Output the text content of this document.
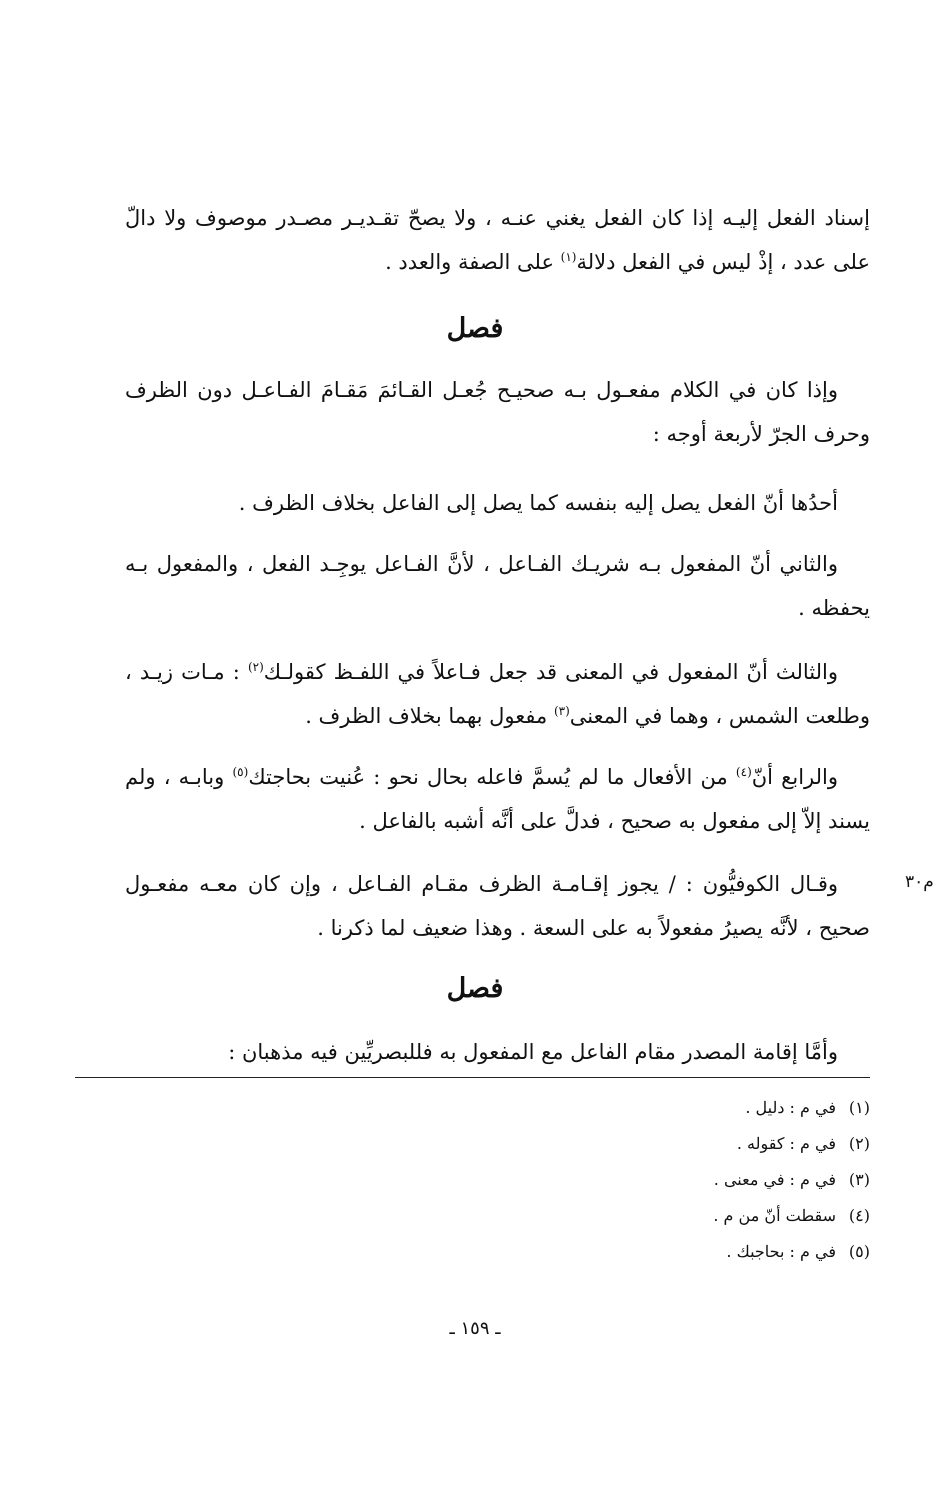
إسناد الفعل إليـه إذا كان الفعل يغني عنـه ، ولا يصحّ تقـديـر مصـدر موصوف ولا دالّ
على عدد ، إذْ ليس في الفعل دلالة$^{(١)}$ على الصفة والعدد .
فصل
وإذا كان في الكلام مفعـول بـه صحيـح جُعـل القـائمَ مَقـامَ الفـاعـل دون الظرف
وحرف الجرّ لأربعة أوجه :
أحدُها أنّ الفعل يصل إليه بنفسه كما يصل إلى الفاعل بخلاف الظرف .
والثاني أنّ المفعول بـه شريـك الفـاعل ، لأنَّ الفـاعل يوجِـد الفعل ، والمفعول بـه
يحفظه .
والثالث أنّ المفعول في المعنى قد جعل فـاعلاً في اللفـظ كقولـك$^{(٢)}$ : مـات زيـد ،
وطلعت الشمس ، وهما في المعنى$^{(٣)}$ مفعول بهما بخلاف الظرف .
والرابع أنّ$^{(٤)}$ من الأفعال ما لم يُسمَّ فاعله بحال نحو : عُنيت بحاجتك$^{(٥)}$ وبابـه ، ولم
يسند إلاّ إلى مفعول به صحيح ، فدلَّ على أنَّه أشبه بالفاعل .
وقـال الكوفيُّون : / يجوز إقـامـة الظرف مقـام الفـاعل ، وإن كان معـه مفعـول
صحيح ، لأنَّه يصيرُ مفعولاً به على السعة . وهذا ضعيف لما ذكرنا .
م٣٠
فصل
وأمَّا إقامة المصدر مقام الفاعل مع المفعول به فللبصريِّين فيه مذهبان :
(١)في م : دليل .
(٢)في م : كقوله .
(٣)في م : في معنى .
(٤)سقطت أنّ من م .
(٥)في م : بحاجبك .
ـ ١٥٩ ـ
